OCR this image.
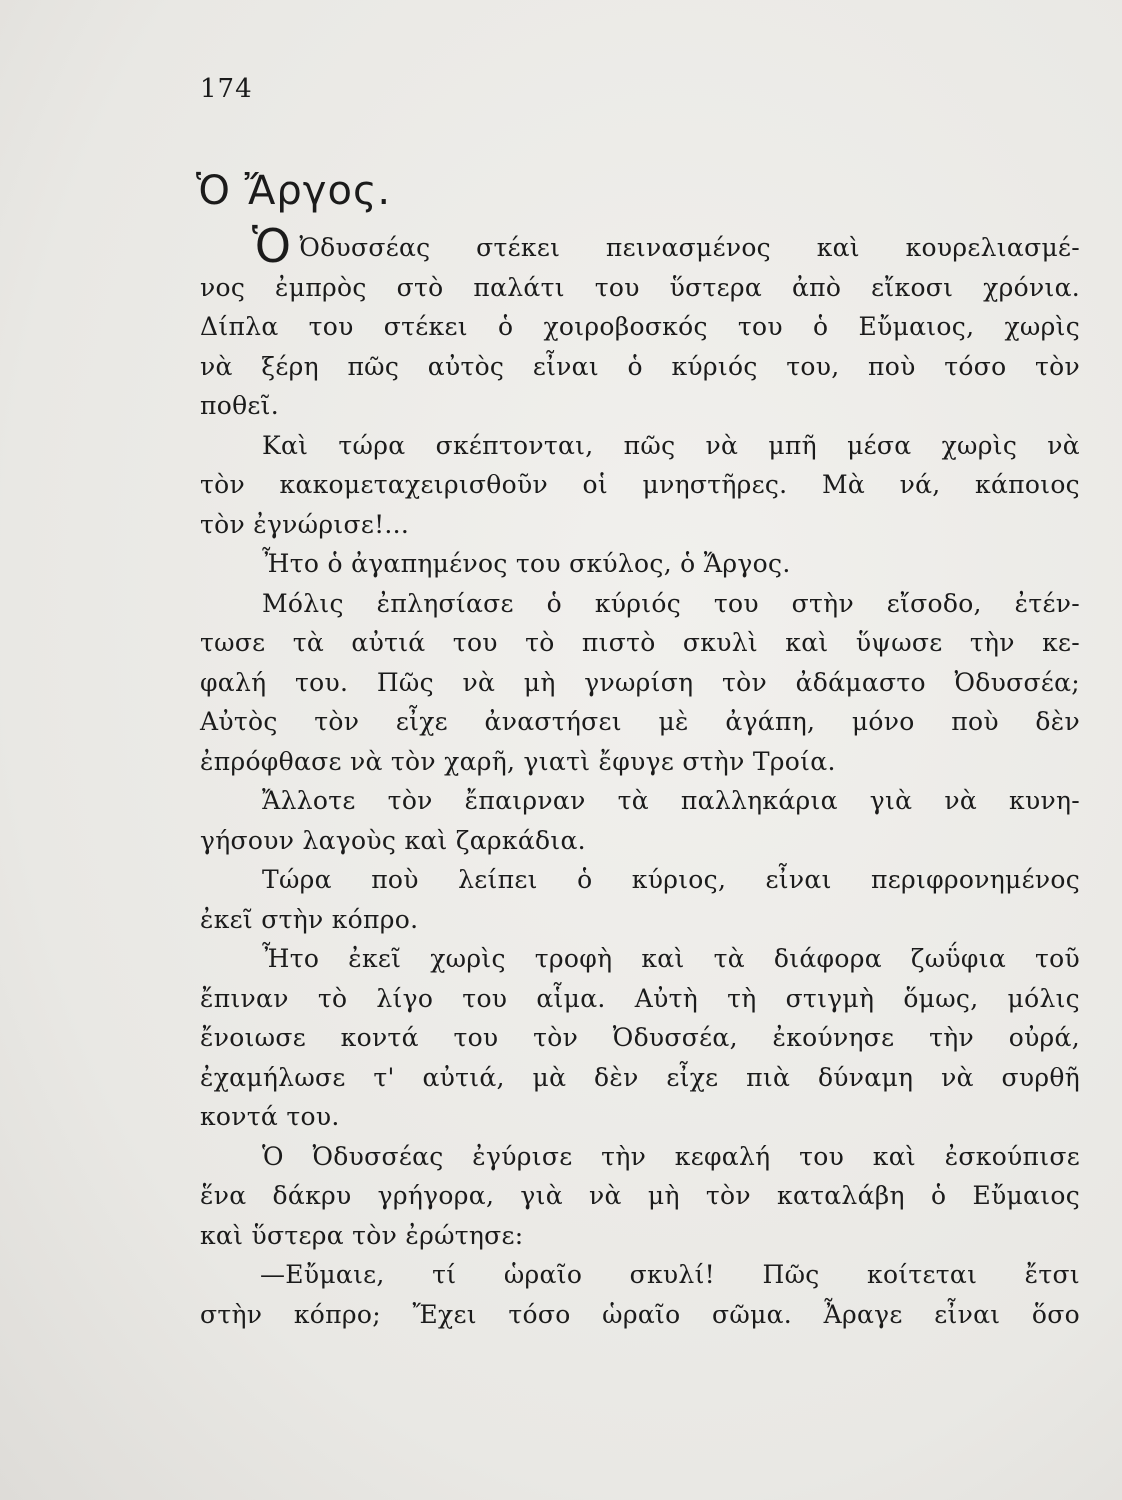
174
Ὁ Ἄργος.
Ὁ Ὀδυσσέας στέκει πεινασμένος καὶ κουρελιασμέ-
νος ἐμπρὸς στὸ παλάτι του ὕστερα ἀπὸ εἴκοσι χρόνια.
Δίπλα του στέκει ὁ χοιροβοσκός του ὁ Εὔμαιος, χωρὶς
νὰ ξέρη πῶς αὐτὸς εἶναι ὁ κύριός του, ποὺ τόσο τὸν
ποθεῖ.
Καὶ τώρα σκέπτονται, πῶς νὰ μπῆ μέσα χωρὶς νὰ
τὸν κακομεταχειρισθοῦν οἱ μνηστῆρες. Μὰ νά, κάποιος
τὸν ἐγνώρισε!...
Ἦτο ὁ ἀγαπημένος του σκύλος, ὁ Ἄργος.
Μόλις ἐπλησίασε ὁ κύριός του στὴν εἴσοδο, ἐτέν-
τωσε τὰ αὐτιά του τὸ πιστὸ σκυλὶ καὶ ὕψωσε τὴν κε-
φαλή του. Πῶς νὰ μὴ γνωρίση τὸν ἀδάμαστο Ὀδυσσέα;
Αὐτὸς τὸν εἶχε ἀναστήσει μὲ ἀγάπη, μόνο ποὺ δὲν
ἐπρόφθασε νὰ τὸν χαρῆ, γιατὶ ἔφυγε στὴν Τροία.
Ἄλλοτε τὸν ἔπαιρναν τὰ παλληκάρια γιὰ νὰ κυνη-
γήσουν λαγοὺς καὶ ζαρκάδια.
Τώρα ποὺ λείπει ὁ κύριος, εἶναι περιφρονημένος
ἐκεῖ στὴν κόπρο.
Ἦτο ἐκεῖ χωρὶς τροφὴ καὶ τὰ διάφορα ζωΰφια τοῦ
ἔπιναν τὸ λίγο του αἷμα. Αὐτὴ τὴ στιγμὴ ὅμως, μόλις
ἔνοιωσε κοντά του τὸν Ὀδυσσέα, ἐκούνησε τὴν οὐρά,
ἐχαμήλωσε τ' αὐτιά, μὰ δὲν εἶχε πιὰ δύναμη νὰ συρθῆ
κοντά του.
Ὁ Ὀδυσσέας ἐγύρισε τὴν κεφαλή του καὶ ἐσκούπισε
ἕνα δάκρυ γρήγορα, γιὰ νὰ μὴ τὸν καταλάβη ὁ Εὔμαιος
καὶ ὕστερα τὸν ἐρώτησε:
—Εὔμαιε, τί ὡραῖο σκυλί! Πῶς κοίτεται ἔτσι
στὴν κόπρο; Ἔχει τόσο ὡραῖο σῶμα. Ἆραγε εἶναι ὅσο
